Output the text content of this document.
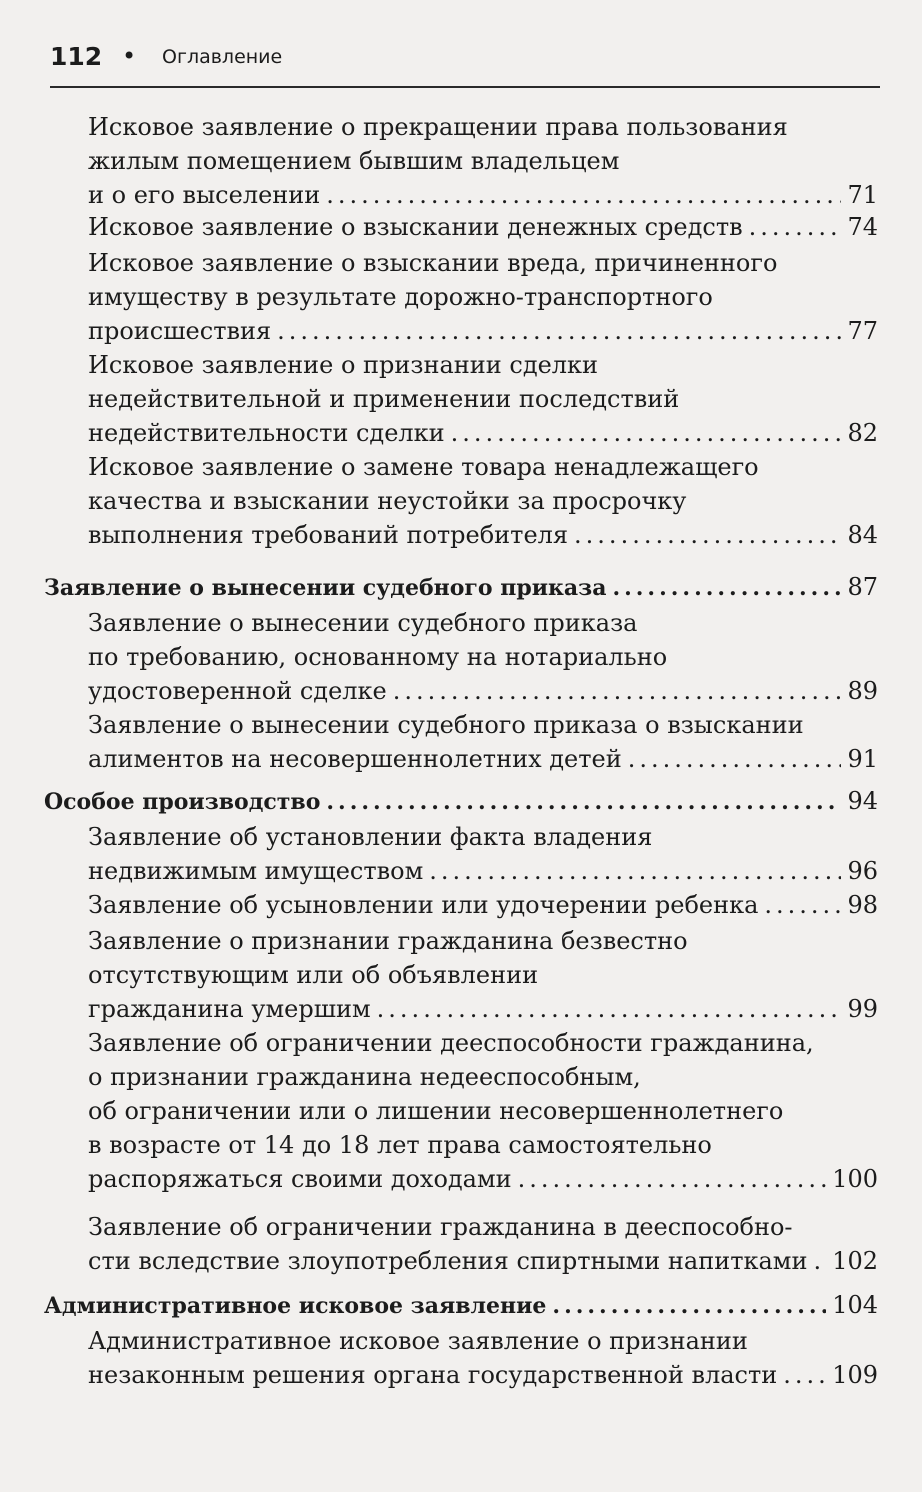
112 • Оглавление
Исковое заявление о прекращении права пользования
жилым помещением бывшим владельцем
и о его выселении .....	71
Исковое заявление о взыскании денежных средств .....	74
Исковое заявление о взыскании вреда, причиненного
имуществу в результате дорожно-транспортного
происшествия .....	77
Исковое заявление о признании сделки
недействительной и применении последствий
недействительности сделки .....	82
Исковое заявление о замене товара ненадлежащего
качества и взыскании неустойки за просрочку
выполнения требований потребителя .....	84
Заявление о вынесении судебного приказа .....	87
Заявление о вынесении судебного приказа
по требованию, основанному на нотариально
удостоверенной сделке .....	89
Заявление о вынесении судебного приказа о взыскании
алиментов на несовершеннолетних детей .....	91
Особое производство .....	94
Заявление об установлении факта владения
недвижимым имуществом .....	96
Заявление об усыновлении или удочерении ребенка .....	98
Заявление о признании гражданина безвестно
отсутствующим или об объявлении
гражданина умершим .....	99
Заявление об ограничении дееспособности гражданина,
о признании гражданина недееспособным,
об ограничении или о лишении несовершеннолетнего
в возрасте от 14 до 18 лет права самостоятельно
распоряжаться своими доходами .....	100
Заявление об ограничении гражданина в дееспособно-
сти вследствие злоупотребления спиртными напитками ..... 102
Административное исковое заявление .....	104
Административное исковое заявление о признании
незаконным решения органа государственной власти ..... 109
